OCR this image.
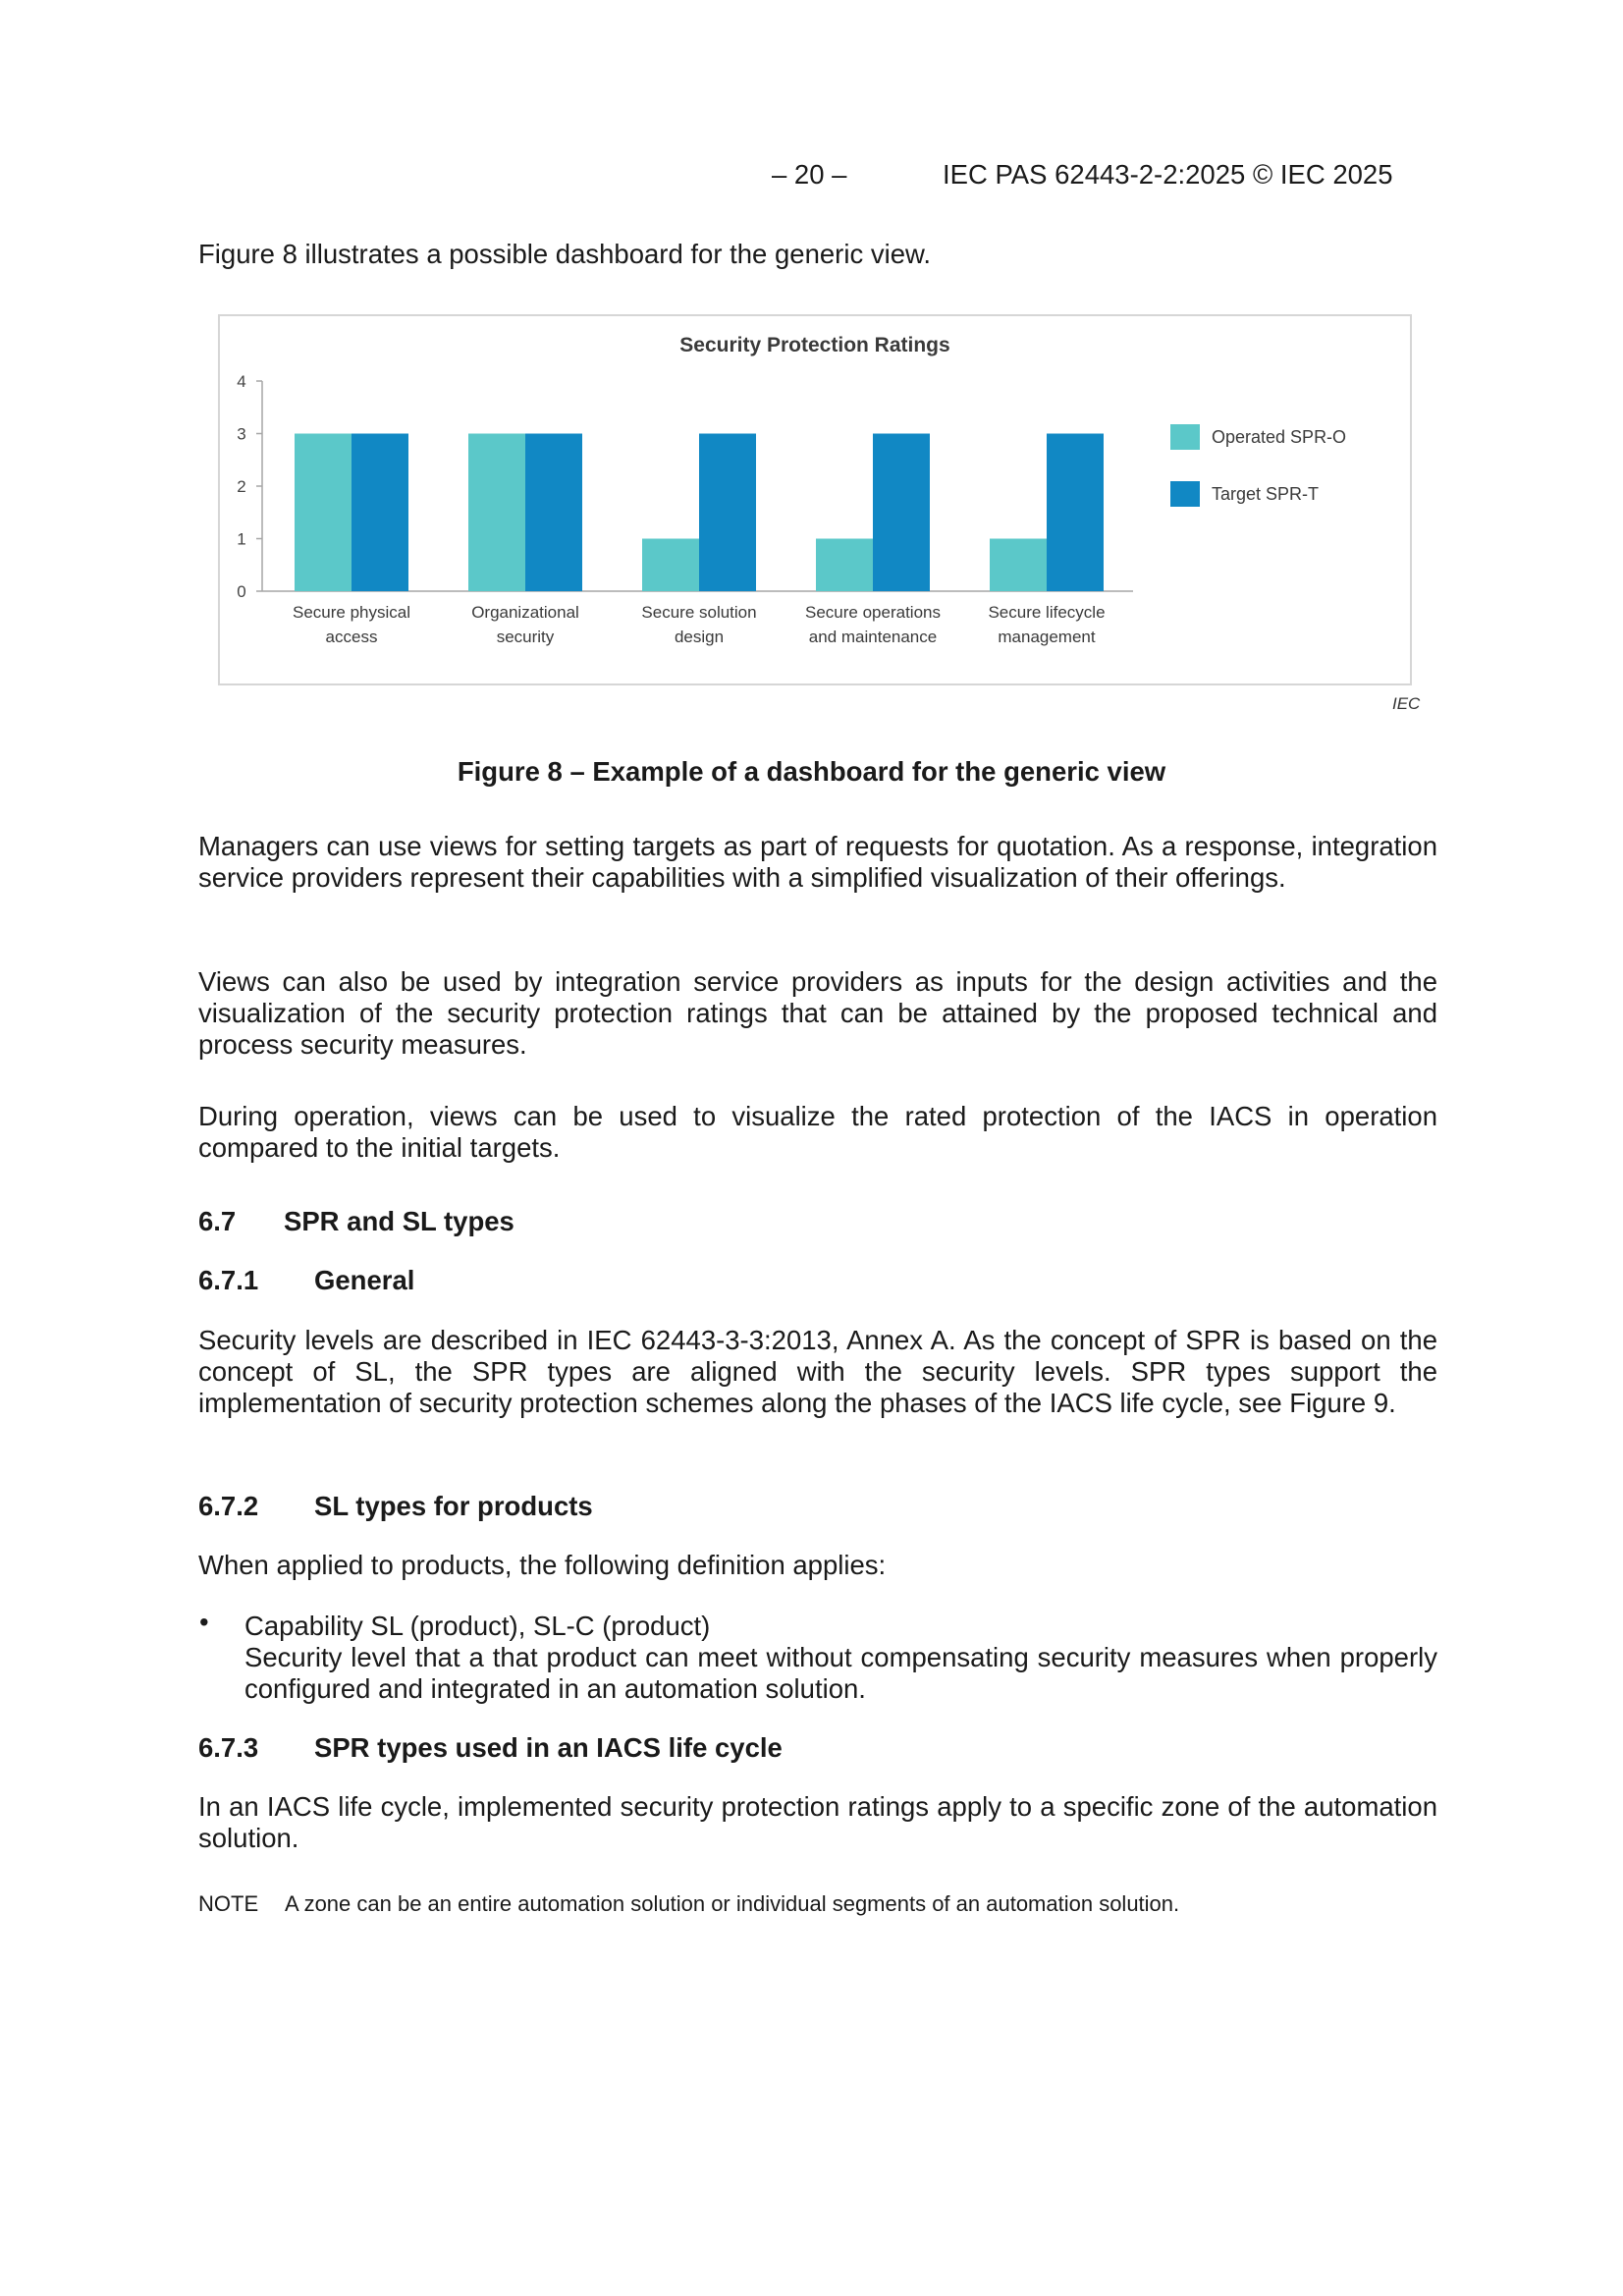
– 20 –	IEC PAS 62443-2-2:2025 © IEC 2025
Figure 8 illustrates a possible dashboard for the generic view.
Security Protection Ratings
0
1
2
3
4
Secure physical
access
Organizational
security
Secure solution
design
Secure operations
and maintenance
Secure lifecycle
management
Operated SPR-O
Target SPR-T
IEC
Figure 8 – Example of a dashboard for the generic view
Managers can use views for setting targets as part of requests for quotation. As a response, integration service providers represent their capabilities with a simplified visualization of their offerings.
Views can also be used by integration service providers as inputs for the design activities and the visualization of the security protection ratings that can be attained by the proposed technical and process security measures.
During operation, views can be used to visualize the rated protection of the IACS in operation compared to the initial targets.
6.7 SPR and SL types
6.7.1 General
Security levels are described in IEC 62443-3-3:2013, Annex A. As the concept of SPR is based on the concept of SL, the SPR types are aligned with the security levels. SPR types support the implementation of security protection schemes along the phases of the IACS life cycle, see Figure 9.
6.7.2 SL types for products
When applied to products, the following definition applies:
• Capability SL (product), SL-C (product)
Security level that a that product can meet without compensating security measures when properly configured and integrated in an automation solution.
6.7.3 SPR types used in an IACS life cycle
In an IACS life cycle, implemented security protection ratings apply to a specific zone of the automation solution.
NOTE A zone can be an entire automation solution or individual segments of an automation solution.
